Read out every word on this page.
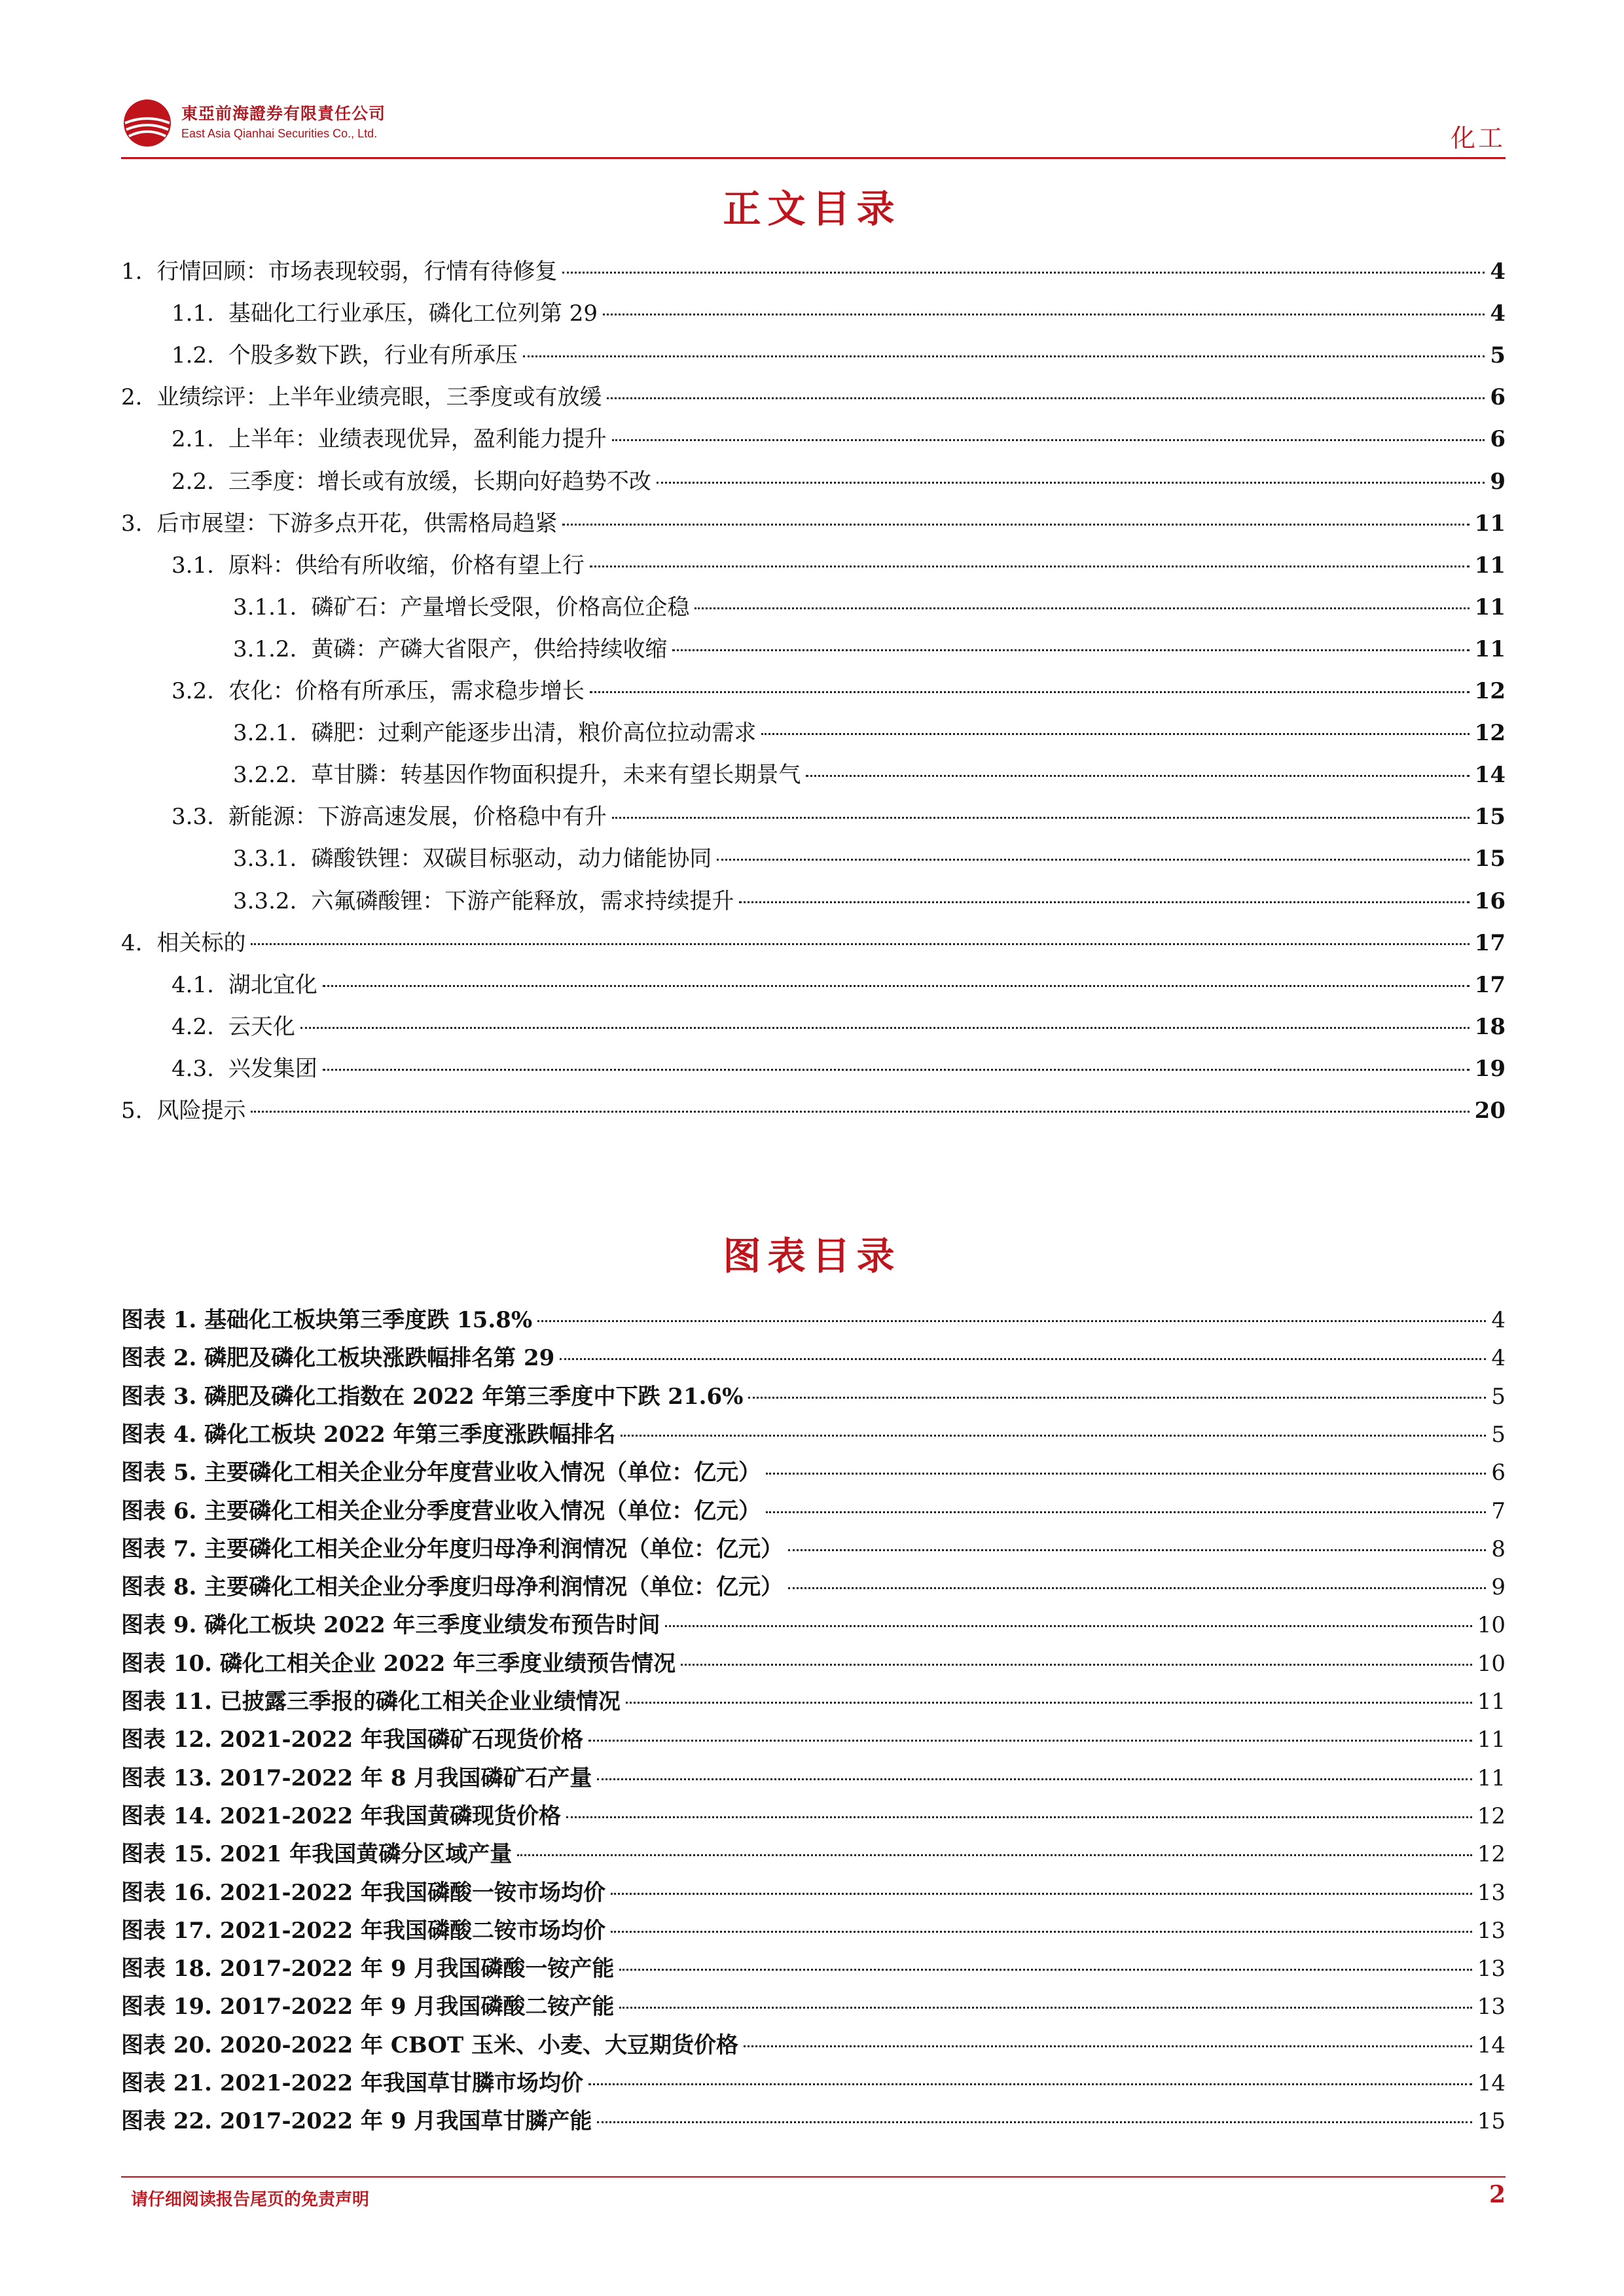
東亞前海證券有限責任公司
East Asia Qianhai Securities Co., Ltd.	化工
正文目录
1. 行情回顾：市场表现较弱，行情有待修复	4
1.1. 基础化工行业承压，磷化工位列第 29	4
1.2. 个股多数下跌，行业有所承压	5
2. 业绩综评：上半年业绩亮眼，三季度或有放缓	6
2.1. 上半年：业绩表现优异，盈利能力提升	6
2.2. 三季度：增长或有放缓，长期向好趋势不改	9
3. 后市展望：下游多点开花，供需格局趋紧	11
3.1. 原料：供给有所收缩，价格有望上行	11
3.1.1. 磷矿石：产量增长受限，价格高位企稳	11
3.1.2. 黄磷：产磷大省限产，供给持续收缩	11
3.2. 农化：价格有所承压，需求稳步增长	12
3.2.1. 磷肥：过剩产能逐步出清，粮价高位拉动需求	12
3.2.2. 草甘膦：转基因作物面积提升，未来有望长期景气	14
3.3. 新能源：下游高速发展，价格稳中有升	15
3.3.1. 磷酸铁锂：双碳目标驱动，动力储能协同	15
3.3.2. 六氟磷酸锂：下游产能释放，需求持续提升	16
4. 相关标的	17
4.1. 湖北宜化	17
4.2. 云天化	18
4.3. 兴发集团	19
5. 风险提示	20
图表目录
图表 1. 基础化工板块第三季度跌 15.8%	4
图表 2. 磷肥及磷化工板块涨跌幅排名第 29	4
图表 3. 磷肥及磷化工指数在 2022 年第三季度中下跌 21.6%	5
图表 4. 磷化工板块 2022 年第三季度涨跌幅排名	5
图表 5. 主要磷化工相关企业分年度营业收入情况（单位：亿元）	6
图表 6. 主要磷化工相关企业分季度营业收入情况（单位：亿元）	7
图表 7. 主要磷化工相关企业分年度归母净利润情况（单位：亿元）	8
图表 8. 主要磷化工相关企业分季度归母净利润情况（单位：亿元）	9
图表 9. 磷化工板块 2022 年三季度业绩发布预告时间	10
图表 10. 磷化工相关企业 2022 年三季度业绩预告情况	10
图表 11. 已披露三季报的磷化工相关企业业绩情况	11
图表 12. 2021-2022 年我国磷矿石现货价格	11
图表 13. 2017-2022 年 8 月我国磷矿石产量	11
图表 14. 2021-2022 年我国黄磷现货价格	12
图表 15. 2021 年我国黄磷分区域产量	12
图表 16. 2021-2022 年我国磷酸一铵市场均价	13
图表 17. 2021-2022 年我国磷酸二铵市场均价	13
图表 18. 2017-2022 年 9 月我国磷酸一铵产能	13
图表 19. 2017-2022 年 9 月我国磷酸二铵产能	13
图表 20. 2020-2022 年 CBOT 玉米、小麦、大豆期货价格	14
图表 21. 2021-2022 年我国草甘膦市场均价	14
图表 22. 2017-2022 年 9 月我国草甘膦产能	15
请仔细阅读报告尾页的免责声明	2
